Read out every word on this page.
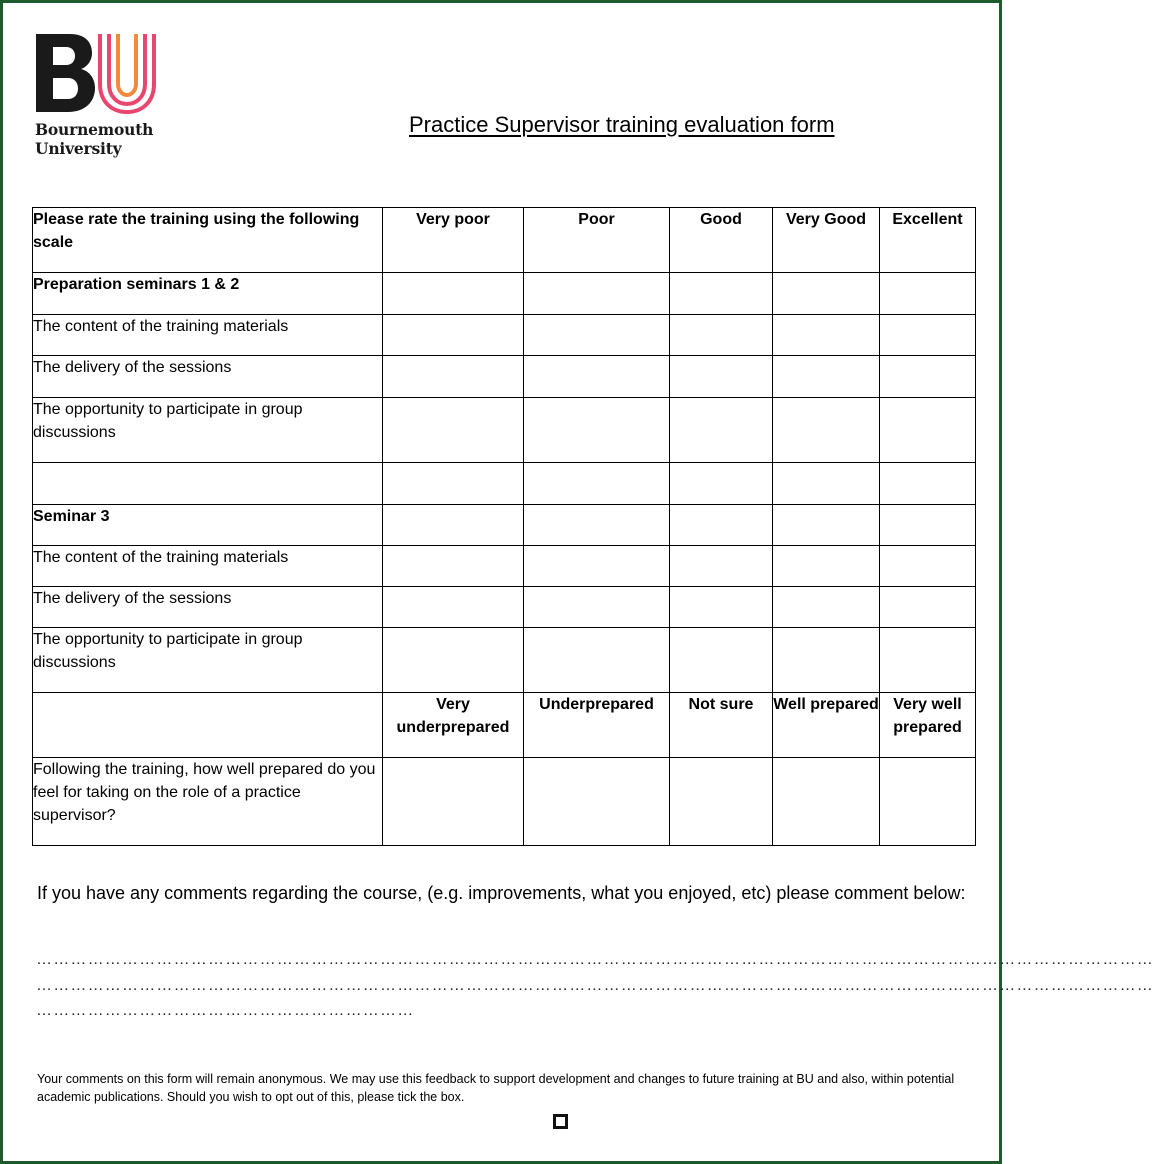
Bournemouth
University
Practice Supervisor training evaluation form
Please rate the training using the following scale	Very poor	Poor	Good	Very Good	Excellent
Preparation seminars 1 & 2					
The content of the training materials					
The delivery of the sessions					
The opportunity to participate in group discussions					

Seminar 3					
The content of the training materials					
The delivery of the sessions					
The opportunity to participate in group discussions					
	Very underprepared	Underprepared	Not sure	Well prepared	Very well prepared
Following the training, how well prepared do you feel for taking on the role of a practice supervisor?					
If you have any comments regarding the course, (e.g. improvements, what you enjoyed, etc) please comment below:
……………………………………………………………………………………………………………………………………………………………………………
……………………………………………………………………………………………………………………………………………………………………………
…………………………………………………………
Your comments on this form will remain anonymous. We may use this feedback to support development and changes to future training at BU and also, within potential academic publications. Should you wish to opt out of this, please tick the box.
